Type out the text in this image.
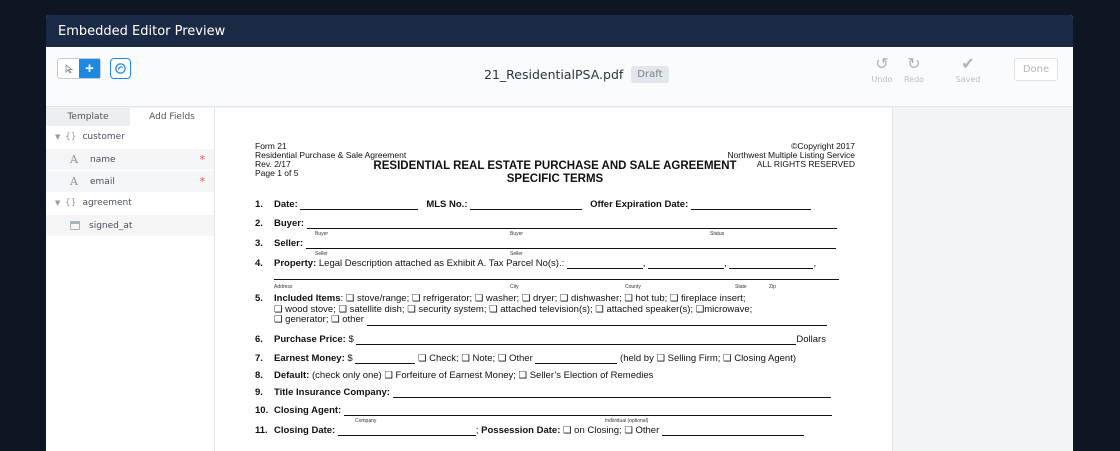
Embedded Editor Preview
+	21_ResidentialPSA.pdf	Draft
↺
Undo
↻
Redo
✔
Saved
Done
Template	Add Fields
▼ {} customer
A	name	*
A	email	*
▼ {} agreement
signed_at
Form 21
Residential Purchase & Sale Agreement
Rev. 2/17
Page 1 of 5
©Copyright 2017
Northwest Multiple Listing Service
ALL RIGHTS RESERVED
RESIDENTIAL REAL ESTATE PURCHASE AND SALE AGREEMENT
SPECIFIC TERMS
1. Date:	MLS No.:	Offer Expiration Date:
2. Buyer:
Buyer	Buyer	Status
3. Seller:
Seller	Seller
4. Property: Legal Description attached as Exhibit A. Tax Parcel No(s).:	,	,	,
Address	City	County	State	Zip
5. Included Items: ❏ stove/range; ❏ refrigerator; ❏ washer; ❏ dryer; ❏ dishwasher; ❏ hot tub; ❏ fireplace insert;
❏ wood stove; ❏ satellite dish; ❏ security system; ❏ attached television(s); ❏ attached speaker(s); ❏microwave;
❏ generator; ❏ other
6. Purchase Price: $	Dollars
7. Earnest Money: $	❏ Check; ❏ Note; ❏ Other	(held by ❏ Selling Firm; ❏ Closing Agent)
8. Default: (check only one) ❏ Forfeiture of Earnest Money; ❏ Seller’s Election of Remedies
9. Title Insurance Company:
10. Closing Agent:
Company	Individual (optional)
11. Closing Date:	; Possession Date: ❏ on Closing; ❏ Other
